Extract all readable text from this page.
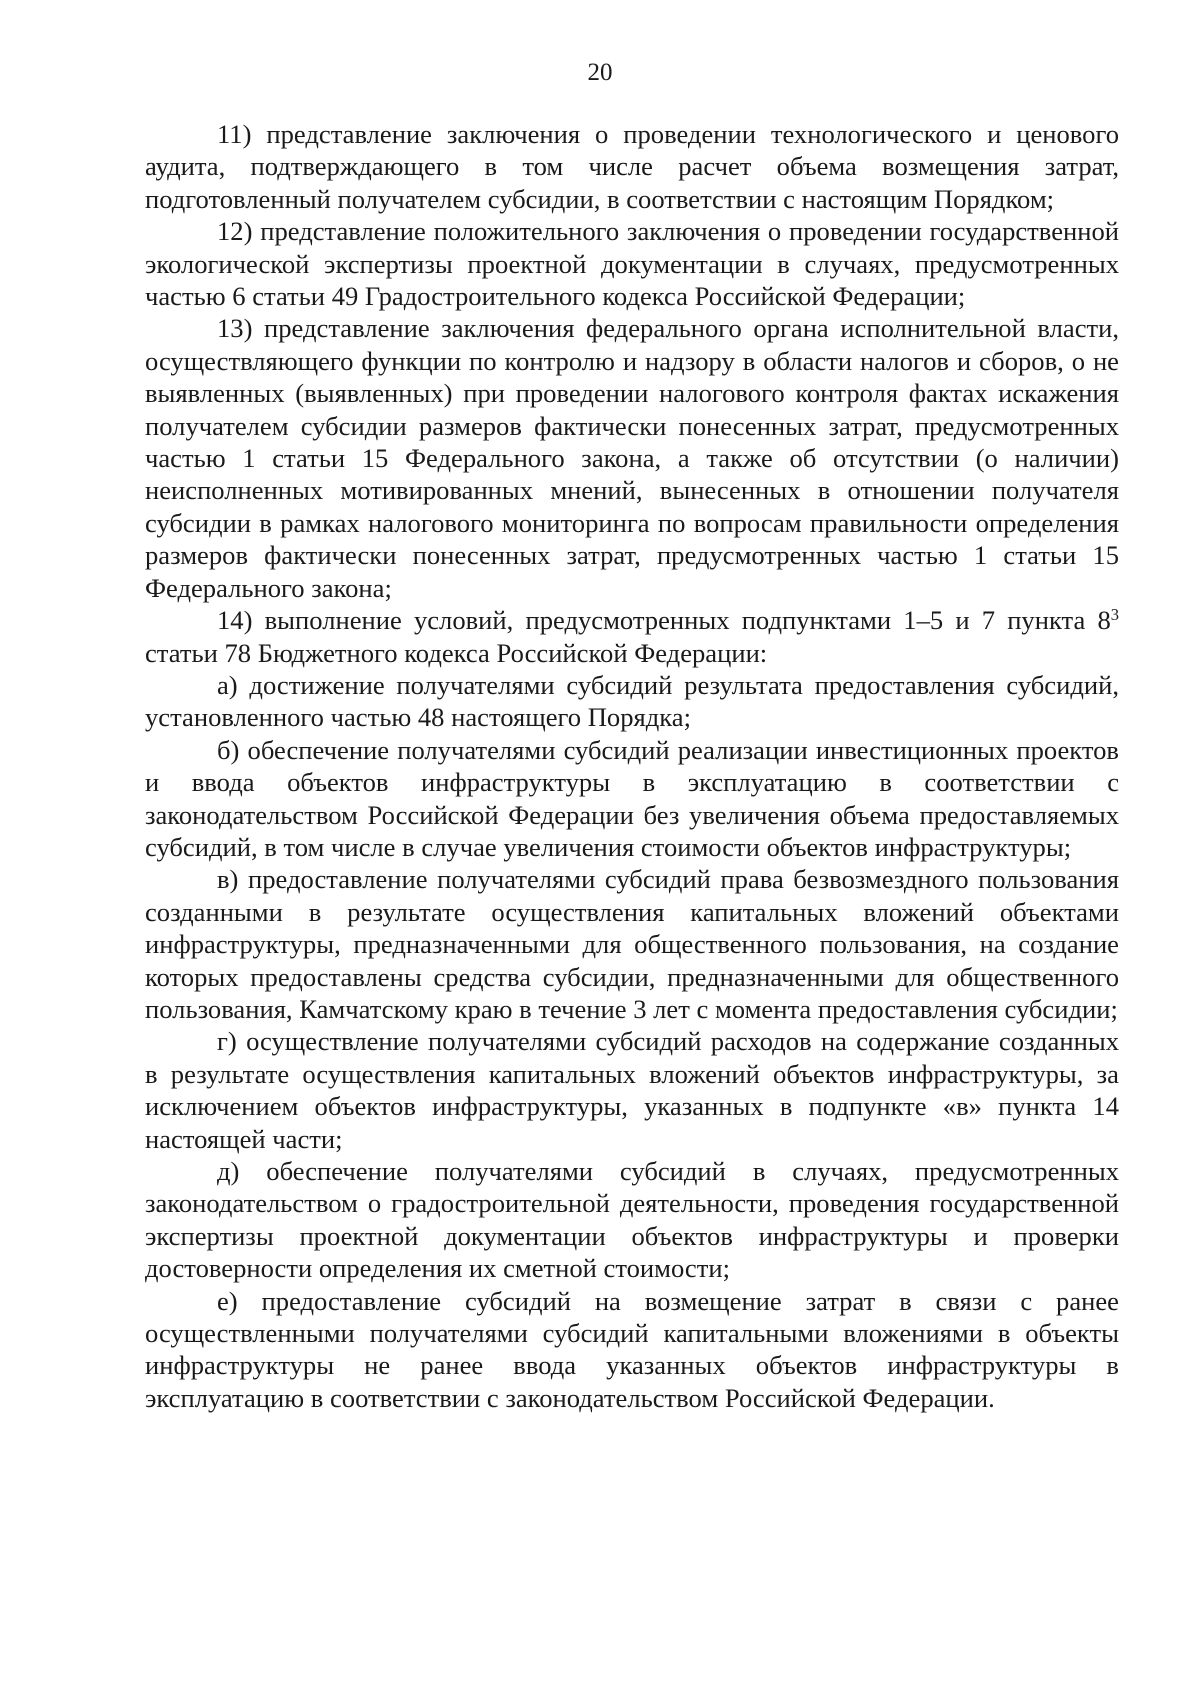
20

11) представление заключения о проведении технологического и ценового аудита, подтверждающего в том числе расчет объема возмещения затрат, подготовленный получателем субсидии, в соответствии с настоящим Порядком;

12) представление положительного заключения о проведении государственной экологической экспертизы проектной документации в случаях, предусмотренных частью 6 статьи 49 Градостроительного кодекса Российской Федерации;

13) представление заключения федерального органа исполнительной власти, осуществляющего функции по контролю и надзору в области налогов и сборов, о не выявленных (выявленных) при проведении налогового контроля фактах искажения получателем субсидии размеров фактически понесенных затрат, предусмотренных частью 1 статьи 15 Федерального закона, а также об отсутствии (о наличии) неисполненных мотивированных мнений, вынесенных в отношении получателя субсидии в рамках налогового мониторинга по вопросам правильности определения размеров фактически понесенных затрат, предусмотренных частью 1 статьи 15 Федерального закона;

14) выполнение условий, предусмотренных подпунктами 1–5 и 7 пункта $8^3$ статьи 78 Бюджетного кодекса Российской Федерации:

а) достижение получателями субсидий результата предоставления субсидий, установленного частью 48 настоящего Порядка;

б) обеспечение получателями субсидий реализации инвестиционных проектов и ввода объектов инфраструктуры в эксплуатацию в соответствии с законодательством Российской Федерации без увеличения объема предоставляемых субсидий, в том числе в случае увеличения стоимости объектов инфраструктуры;

в) предоставление получателями субсидий права безвозмездного пользования созданными в результате осуществления капитальных вложений объектами инфраструктуры, предназначенными для общественного пользования, на создание которых предоставлены средства субсидии, предназначенными для общественного пользования, Камчатскому краю в течение 3 лет с момента предоставления субсидии;

г) осуществление получателями субсидий расходов на содержание созданных в результате осуществления капитальных вложений объектов инфраструктуры, за исключением объектов инфраструктуры, указанных в подпункте «в» пункта 14 настоящей части;

д) обеспечение получателями субсидий в случаях, предусмотренных законодательством о градостроительной деятельности, проведения государственной экспертизы проектной документации объектов инфраструктуры и проверки достоверности определения их сметной стоимости;

е) предоставление субсидий на возмещение затрат в связи с ранее осуществленными получателями субсидий капитальными вложениями в объекты инфраструктуры не ранее ввода указанных объектов инфраструктуры в эксплуатацию в соответствии с законодательством Российской Федерации.
